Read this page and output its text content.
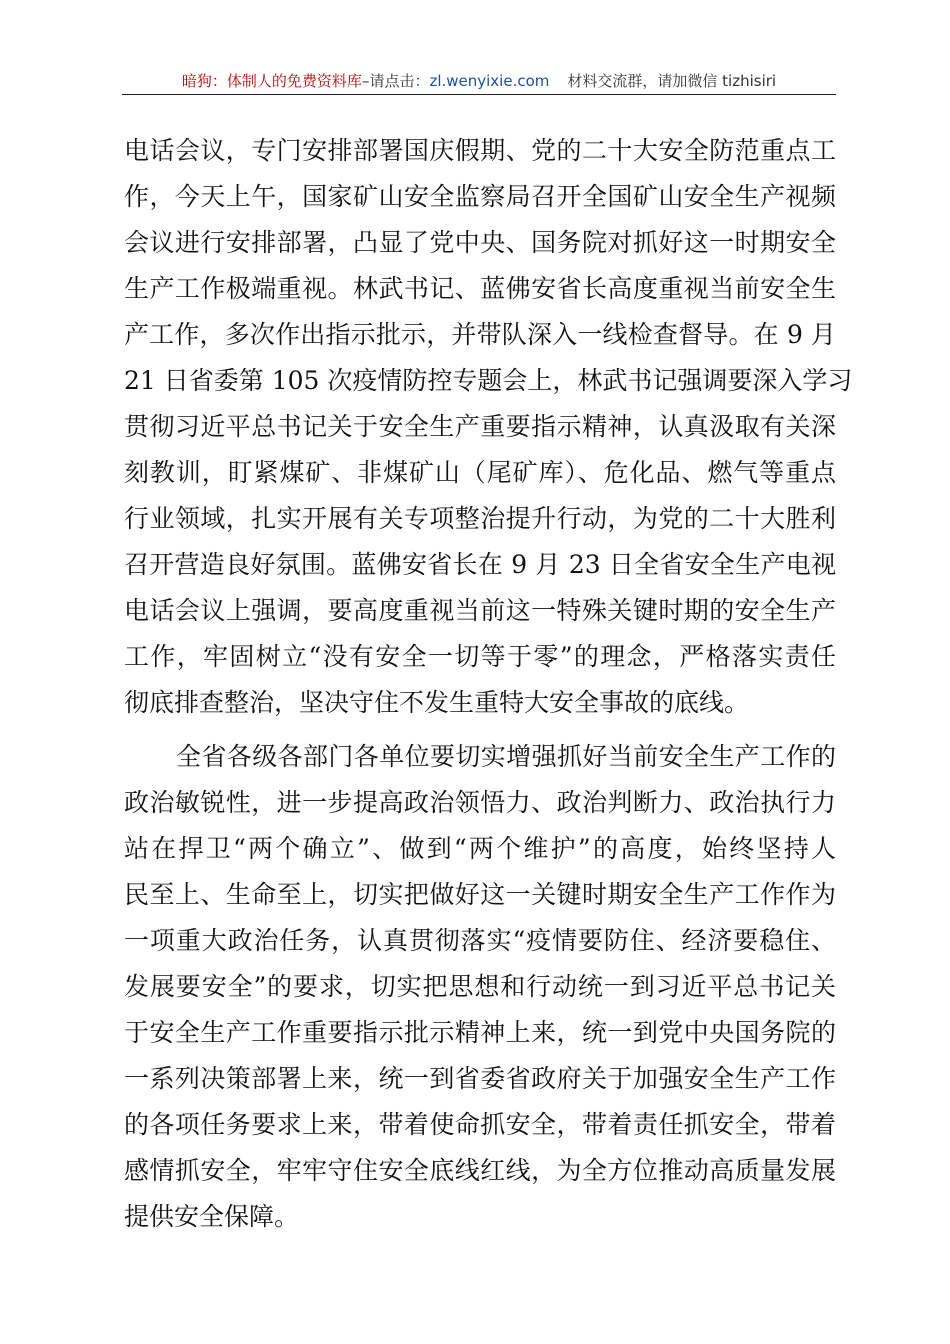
暗狗：体制人的免费资料库–请点击：zl.wenyixie.com 材料交流群，请加微信 tizhisiri
电话会议，专门安排部署国庆假期、党的二十大安全防范重点工
作，今天上午，国家矿山安全监察局召开全国矿山安全生产视频
会议进行安排部署，凸显了党中央、国务院对抓好这一时期安全
生产工作极端重视。林武书记、蓝佛安省长高度重视当前安全生
产工作，多次作出指示批示，并带队深入一线检查督导。在 9 月
21 日省委第 105 次疫情防控专题会上，林武书记强调要深入学习
贯彻习近平总书记关于安全生产重要指示精神，认真汲取有关深
刻教训，盯紧煤矿、非煤矿山（尾矿库）、危化品、燃气等重点
行业领域，扎实开展有关专项整治提升行动，为党的二十大胜利
召开营造良好氛围。蓝佛安省长在 9 月 23 日全省安全生产电视
电话会议上强调，要高度重视当前这一特殊关键时期的安全生产
工作，牢固树立“没有安全一切等于零”的理念，严格落实责任
彻底排查整治，坚决守住不发生重特大安全事故的底线。
全省各级各部门各单位要切实增强抓好当前安全生产工作的
政治敏锐性，进一步提高政治领悟力、政治判断力、政治执行力
站在捍卫“两个确立”、做到“两个维护”的高度，始终坚持人
民至上、生命至上，切实把做好这一关键时期安全生产工作作为
一项重大政治任务，认真贯彻落实“疫情要防住、经济要稳住、
发展要安全”的要求，切实把思想和行动统一到习近平总书记关
于安全生产工作重要指示批示精神上来，统一到党中央国务院的
一系列决策部署上来，统一到省委省政府关于加强安全生产工作
的各项任务要求上来，带着使命抓安全，带着责任抓安全，带着
感情抓安全，牢牢守住安全底线红线，为全方位推动高质量发展
提供安全保障。
